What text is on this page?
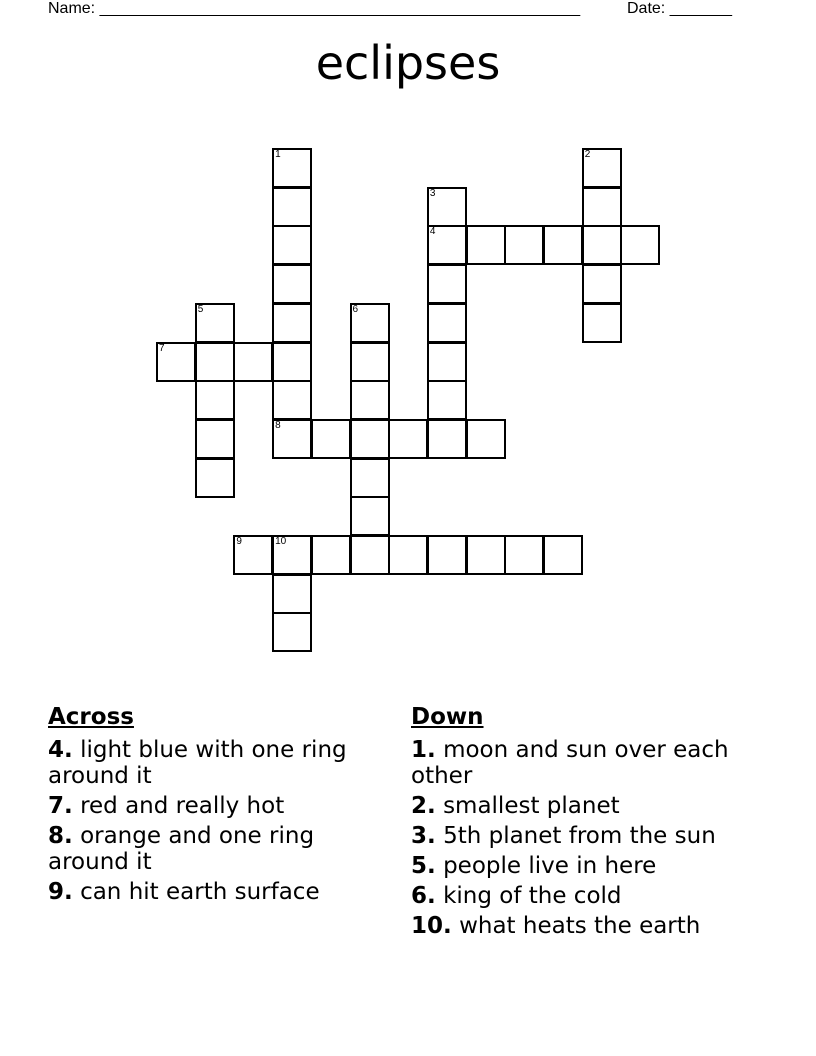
Name: ______________________________________________________	Date: _______
eclipses
1	2
3
4
5	6
7
8
9	10
Across
4. light blue with one ring around it
7. red and really hot
8. orange and one ring around it
9. can hit earth surface
Down
1. moon and sun over each other
2. smallest planet
3. 5th planet from the sun
5. people live in here
6. king of the cold
10. what heats the earth
